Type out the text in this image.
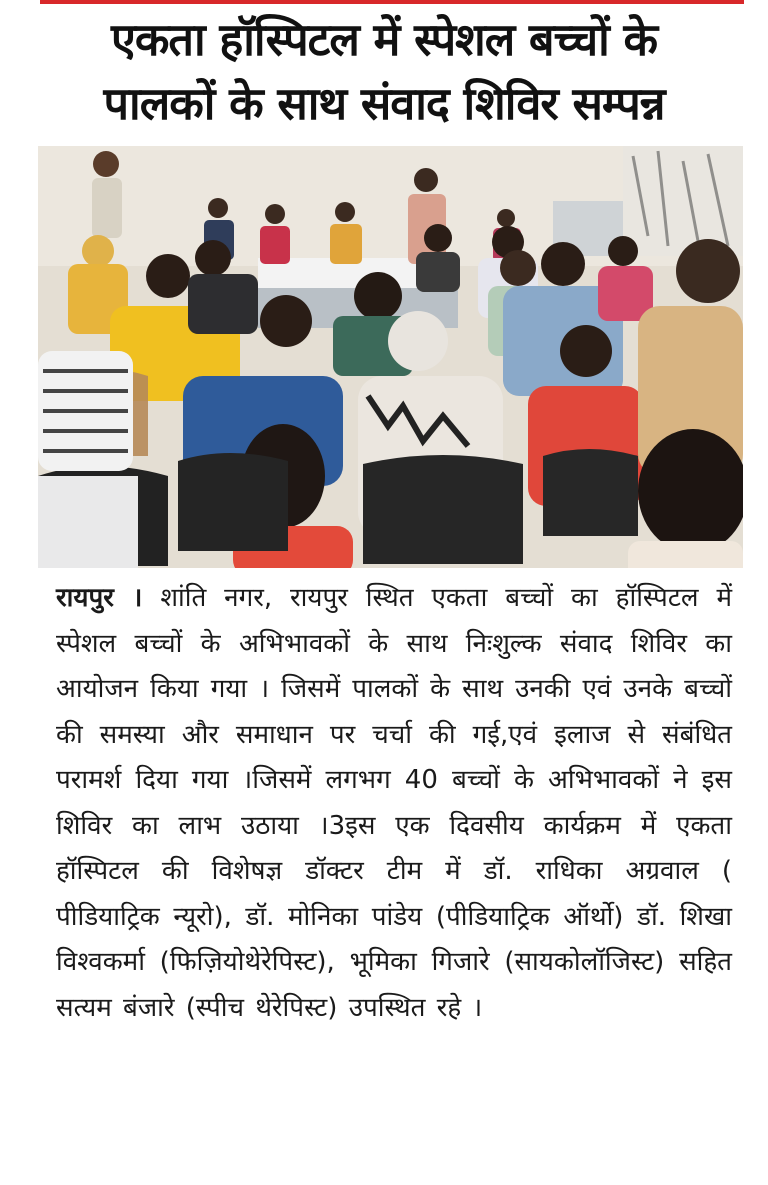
एकता हॉस्पिटल में स्पेशल बच्चों के
पालकों के साथ संवाद शिविर सम्पन्न
रायपुर । शांति नगर, रायपुर स्थित एकता बच्चों का हॉस्पिटल में स्पेशल बच्चों के अभिभावकों के साथ निःशुल्क संवाद शिविर का आयोजन किया गया । जिसमें पालकों के साथ उनकी एवं उनके बच्चों की समस्या और समाधान पर चर्चा की गई,एवं इलाज से संबंधित परामर्श दिया गया ।जिसमें लगभग 40 बच्चों के अभिभावकों ने इस शिविर का लाभ उठाया ।3इस एक दिवसीय कार्यक्रम में एकता हॉस्पिटल की विशेषज्ञ डॉक्टर टीम में डॉ. राधिका अग्रवाल ( पीडियाट्रिक न्यूरो), डॉ. मोनिका पांडेय (पीडियाट्रिक ऑर्थो) डॉ. शिखा विश्वकर्मा (फिज़ियोथेरेपिस्ट), भूमिका गिजारे (सायकोलॉजिस्ट) सहित सत्यम बंजारे (स्पीच थेरेपिस्ट) उपस्थित रहे ।
